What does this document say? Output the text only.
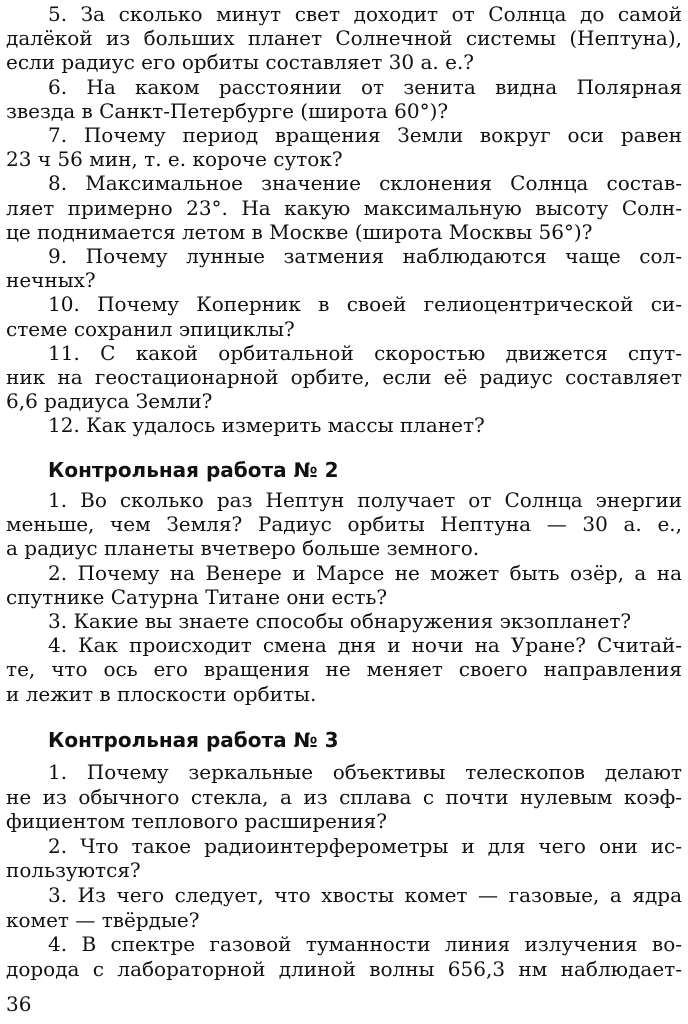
5. За сколько минут свет доходит от Солнца до самой
далёкой из больших планет Солнечной системы (Нептуна),
если радиус его орбиты составляет 30 а. е.?
6. На каком расстоянии от зенита видна Полярная
звезда в Санкт-Петербурге (широта 60°)?
7. Почему период вращения Земли вокруг оси равен
23 ч 56 мин, т. е. короче суток?
8. Максимальное значение склонения Солнца состав-
ляет примерно 23°. На какую максимальную высоту Солн-
це поднимается летом в Москве (широта Москвы 56°)?
9. Почему лунные затмения наблюдаются чаще сол-
нечных?
10. Почему Коперник в своей гелиоцентрической си-
стеме сохранил эпициклы?
11. С какой орбитальной скоростью движется спут-
ник на геостационарной орбите, если её радиус составляет
6,6 радиуса Земли?
12. Как удалось измерить массы планет?
Контрольная работа № 2
1. Во сколько раз Нептун получает от Солнца энергии
меньше, чем Земля? Радиус орбиты Нептуна — 30 а. е.,
а радиус планеты вчетверо больше земного.
2. Почему на Венере и Марсе не может быть озёр, а на
спутнике Сатурна Титане они есть?
3. Какие вы знаете способы обнаружения экзопланет?
4. Как происходит смена дня и ночи на Уране? Считай-
те, что ось его вращения не меняет своего направления
и лежит в плоскости орбиты.
Контрольная работа № 3
1. Почему зеркальные объективы телескопов делают
не из обычного стекла, а из сплава с почти нулевым коэф-
фициентом теплового расширения?
2. Что такое радиоинтерферометры и для чего они ис-
пользуются?
3. Из чего следует, что хвосты комет — газовые, а ядра
комет — твёрдые?
4. В спектре газовой туманности линия излучения во-
дорода с лабораторной длиной волны 656,3 нм наблюдает-
36
